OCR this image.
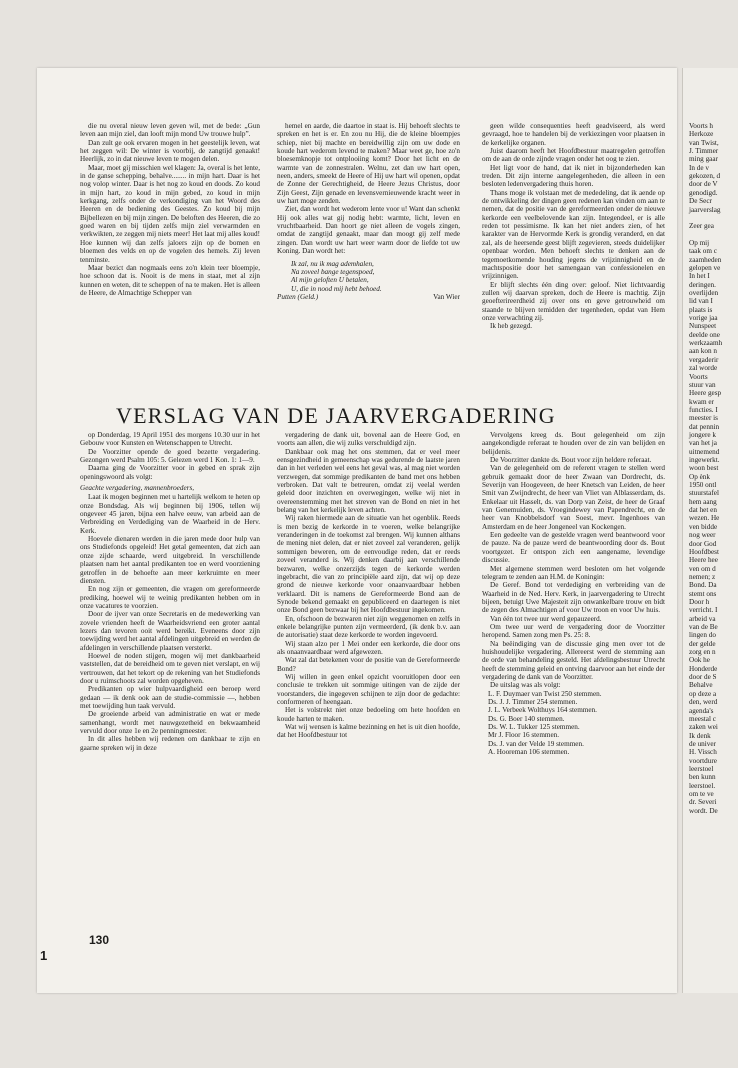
die nu overal nieuw leven geven wil, met de bede: „Gun leven aan mijn ziel, dan looft mijn mond Uw trouwe hulp”.

Dan zult ge ook ervaren mogen in het geestelijk leven, wat het zeggen wil: De winter is voorbij, de zangtijd genaakt! Heerlijk, zo in dat nieuwe leven te mogen delen.

Maar, moet gij misschien wel klagen: Ja, overal is het lente, in de ganse schepping, behalve........ in mijn hart. Daar is het nog volop winter. Daar is het nog zo koud en doods. Zo koud in mijn hart, zo koud in mijn gebed, zo koud in mijn kerkgang, zelfs onder de verkondiging van het Woord des Heeren en de bediening des Geestes. Zo koud bij mijn Bijbellezen en bij mijn zingen. De beloften des Heeren, die zo goed waren en bij tijden zelfs mijn ziel verwarmden en verkwikten, ze zeggen mij niets meer! Het laat mij alles koud! Hoe kunnen wij dan zelfs jaloers zijn op de bomen en bloemen des velds en op de vogelen des hemels. Zij leven tenminste.

Maar bezict dan nogmaals eens zo'n klein teer bloempje, hoe schoon dat is. Nooit is de mens in staat, met al zijn kunnen en weten, dit te scheppen of na te maken. Het is alleen de Heere, de Almachtige Schepper van

hemel en aarde, die daartoe in staat is. Hij behoeft slechts te spreken en het is er. En zou nu Hij, die de kleine bloempjes schiep, niet bij machte en bereidwillig zijn om uw dode en koude hart wederom levend te maken? Maar weet ge, hoe zo'n bloesemknopje tot ontplooiing komt? Door het licht en de warmte van de zonnestralen. Welnu, zet dan uw hart open, neen, anders, smeekt de Heere of Hij uw hart wil openen, opdat de Zonne der Gerechtigheid, de Heere Jezus Christus, door Zijn Geest, Zijn genade en levensvernieuwende kracht weer in uw hart moge zenden.

Ziet, dan wordt het wederom lente voor u! Want dan schenkt Hij ook alles wat gij nodig hebt: warmte, licht, leven en vruchtbaarheid. Dan hoort ge niet alleen de vogels zingen, omdat de zangtijd genaakt, maar dan moogt gij zelf mede zingen. Dan wordt uw hart weer warm door de liefde tot uw Koning. Dan wordt het:

Ik zal, nu ik mag ademhalen,

Na zoveel bange tegenspoed,

Al mijn geloften U betalen,

U, die in nood mij hebt behoed.

Putten (Geld.)	Van Wier

geen wilde consequenties heeft geadviseerd, als werd gevraagd, hoe te handelen bij de verkiezingen voor plaatsen in de kerkelijke organen.

Juist daarom heeft het Hoofdbestuur maatregelen getroffen om de aan de orde zijnde vragen onder het oog te zien.

Het ligt voor de hand, dat ik niet in bijzonderheden kan treden. Dit zijn interne aangelegenheden, die alleen in een besloten ledenvergadering thuis horen.

Thans moge ik volstaan met de mededeling, dat ik aende op de ontwikkeling der dingen geen redenen kan vinden om aan te nemen, dat de positie van de gereformeerden onder de nieuwe kerkorde een veelbelovende kan zijn. Integendeel, er is alle reden tot pessimisme. Ik kan het niet anders zien, of het karakter van de Hervormde Kerk is grondig veranderd, en dat zal, als de heersende geest blijft zegevieren, steeds duidelijker openbaar worden. Men behoeft slechts te denken aan de tegemoetkomende houding jegens de vrijzinnigheid en de machtspositie door het samengaan van confessionelen en vrijzinnigen.

Er blijft slechts één ding over: geloof. Niet lichtvaardig zullen wij daarvan spreken, doch de Heere is machtig. Zijn geoefterireerdheid zij over ons en geve getrouwheid om staande te blijven temidden der tegenheden, opdat van Hem onze verwachting zij.

Ik heb gezegd.

VERSLAG VAN DE JAARVERGADERING

op Donderdag, 19 April 1951 des morgens 10.30 uur in het Gebouw voor Kunsten en Wetenschappen te Utrecht.

De Voorzitter opende de goed bezette vergadering. Gezongen werd Psalm 105: 5. Gelezen werd 1 Kon. 1: 1—9.

Daarna ging de Voorzitter voor in gebed en sprak zijn openingswoord als volgt:

Geachte vergadering, mannenbroeders,

Laat ik mogen beginnen met u hartelijk welkom te heten op onze Bondsdag. Als wij beginnen bij 1906, tellen wij ongeveer 45 jaren, bijna een halve eeuw, van arbeid aan de Verbreiding en Verdediging van de Waarheid in de Herv. Kerk.

Hoevele dienaren werden in die jaren mede door hulp van ons Studiefonds opgeleid! Het getal gemeenten, dat zich aan onze zijde schaarde, werd uitgebreid. In verschillende plaatsen nam het aantal predikanten toe en werd voorziening getroffen in de behoefte aan meer kerkruimte en meer diensten.

En nog zijn er gemeenten, die vragen om gereformeerde prediking, hoewel wij te weinig predikanten hebben om in onze vacatures te voorzien.

Door de ijver van onze Secretaris en de medewerking van zovele vrienden heeft de Waarheidsvriend een groter aantal lezers dan tevoren ooit werd bereikt. Eveneens door zijn toewijding werd het aantal afdelingen uitgebreid en werden de afdelingen in verschillende plaatsen versterkt.

Hoewel de noden stijgen, mogen wij met dankbaarheid vaststellen, dat de bereidheid om te geven niet verslapt, en wij vertrouwen, dat het tekort op de rekening van het Studiefonds door u ruimschoots zal worden opgeheven.

Predikanten op wier hulpvaardigheid een beroep werd gedaan — ik denk ook aan de studie-commissie —, hebben met toewijding hun taak vervuld.

De groeiende arbeid van administratie en wat er mede samenhangt, wordt met nauwgezetheid en bekwaamheid vervuld door onze 1e en 2e penningmeester.

In dit alles hebben wij redenen om dankbaar te zijn en gaarne spreken wij in deze

vergadering de dank uit, bovenal aan de Heere God, en voorts aan allen, die wij zulks verschuldigd zijn.

Dankbaar ook mag het ons stemmen, dat er veel meer eensgezindheid in gemeenschap was gedurende de laatste jaren dan in het verleden wel eens het geval was, al mag niet worden verzwegen, dat sommige predikanten de band met ons hebben verbroken. Dat valt te betreuren, omdat zij veelal werden geleid door inzichten en overwegingen, welke wij niet in overeenstemming met het streven van de Bond en niet in het belang van het kerkelijk leven achten.

Wij raken hiermede aan de situatie van het ogenblik. Reeds is men bezig de kerkorde in te voeren, welke belangrijke veranderingen in de toekomst zal brengen. Wij kunnen althans de mening niet delen, dat er niet zoveel zal veranderen, gelijk sommigen beweren, om de eenvoudige reden, dat er reeds zoveel veranderd is. Wij denken daarbij aan verschillende bezwaren, welke onzerzijds tegen de kerkorde werden ingebracht, die van zo principiële aard zijn, dat wij op deze grond de nieuwe kerkorde voor onaanvaardbaar hebben verklaard. Dit is namens de Gereformeerde Bond aan de Synode bekend gemaakt en gepubliceerd en daartegen is niet onze Bond geen bezwaar bij het Hoofdbestuur ingekomen.

En, ofschoon de bezwaren niet zijn weggenomen en zelfs in enkele belangrijke punten zijn vermeerderd, (ik denk b.v. aan de autorisatie) staat deze kerkorde te worden ingevoerd.

Wij staan alzo per 1 Mei onder een kerkorde, die door ons als onaanvaardbaar werd afgewezen.

Wat zal dat betekenen voor de positie van de Gereformeerde Bond?

Wij willen in geen enkel opzicht vooruitlopen door een conclusie te trekken uit sommige uitingen van de zijde der voorstanders, die ingegeven schijnen te zijn door de gedachte: conformeren of heengaan.

Het is volstrekt niet onze bedoeling om hete hoofden en koude harten te maken.

Wat wij wensen is kalme bezinning en het is uit dien hoofde, dat het Hoofdbestuur tot

Vervolgens kreeg ds. Bout gelegenheid om zijn aangekondigde referaat te houden over de zin van belijden en belijdenis.

De Voorzitter dankte ds. Bout voor zijn heldere referaat.

Van de gelegenheid om de referent vragen te stellen werd gebruik gemaakt door de heer Zwaan van Dordrecht, ds. Severijn van Hoogeveen, de heer Knetsch van Leiden, de heer Smit van Zwijndrecht, de heer van Vliet van Alblasserdam, ds. Enkelaar uit Hasselt, ds. van Dorp van Zeist, de heer de Graaf van Genemuiden, ds. Vroegindewey van Papendrecht, en de heer van Knobbelsdorf van Soest, mevr. Ingenhoes van Amsterdam en de heer Jongeneel van Kockengen.

Een gedeelte van de gestelde vragen werd beantwoord voor de pauze. Na de pauze werd de beantwoording door ds. Bout voortgezet. Er ontspon zich een aangename, levendige discussie.

Met algemene stemmen werd besloten om het volgende telegram te zenden aan H.M. de Koningin:

De Geref. Bond tot verdediging en verbreiding van de Waarheid in de Ned. Herv. Kerk, in jaarvergadering te Utrecht bijeen, betuigt Uwe Majesteit zijn onwankelbare trouw en bidt de zegen des Almachtigen af voor Uw troon en voor Uw huis.

Van één tot twee uur werd gepauzeerd.

Om twee uur werd de vergadering door de Voorzitter heropend. Samen zong men Ps. 25: 8.

Na beëindiging van de discussie ging men over tot de huishoudelijke vergadering. Allereerst werd de stemming aan de orde van behandeling gesteld. Het afdelingsbestuur Utrecht heeft de stemming geleid en ontving daarvoor aan het einde der vergadering de dank van de Voorzitter.

De uitslag was als volgt:

L. F. Duymaer van Twist 250 stemmen.
Ds. J. J. Timmer 254 stemmen.
J. L. Verbeek Wolthuys 164 stemmen.
Ds. G. Boer 140 stemmen.
Ds. W. L. Tukker 125 stemmen.
Mr J. Floor 16 stemmen.
Ds. J. van der Velde 19 stemmen.
A. Hooreman 106 stemmen.
130
1
Voorts h
Herkoze
van Twist,
J. Timmer
ming gaar
In de v
gekozen, d
door de V
genodigd.
De Secr
jaarverslag
Zeer gea
Op mij
taak om c
zaamheden
gelopen ve
In het I
deringen.
overlijden
lid van I
plaats is
vorige jaa
Nunspeet
deelde one
werkzaamh
aan kon n
vergaderir
zal worde
Voorts
stuur van
Heere gesp
kwam er
functies. I
meester is
dat pennin
jongere k
van het ja
uitnemend
ingewerkt.
woon best
Op ènk
1950 ontl
stuurstafel
hem aang
dat het en
wezen. He
ven bidde
nog weer
door God
Hoofdbest
Heere hee
ven om d
nemen; z
Bond. Da
stemt ons
Door h
verricht. I
arbeid va
van de Be
lingen do
der gelde
zorg en n
Ook he
Honderde
door de S
Behalve
op deze a
den, werd
agenda's
meestal c
zaken wei
Ik denk
de univer
H. Vissch
voortdure
leerstoel
ben kunn
leerstoel.
om te ve
dr. Severi
wordt. De
